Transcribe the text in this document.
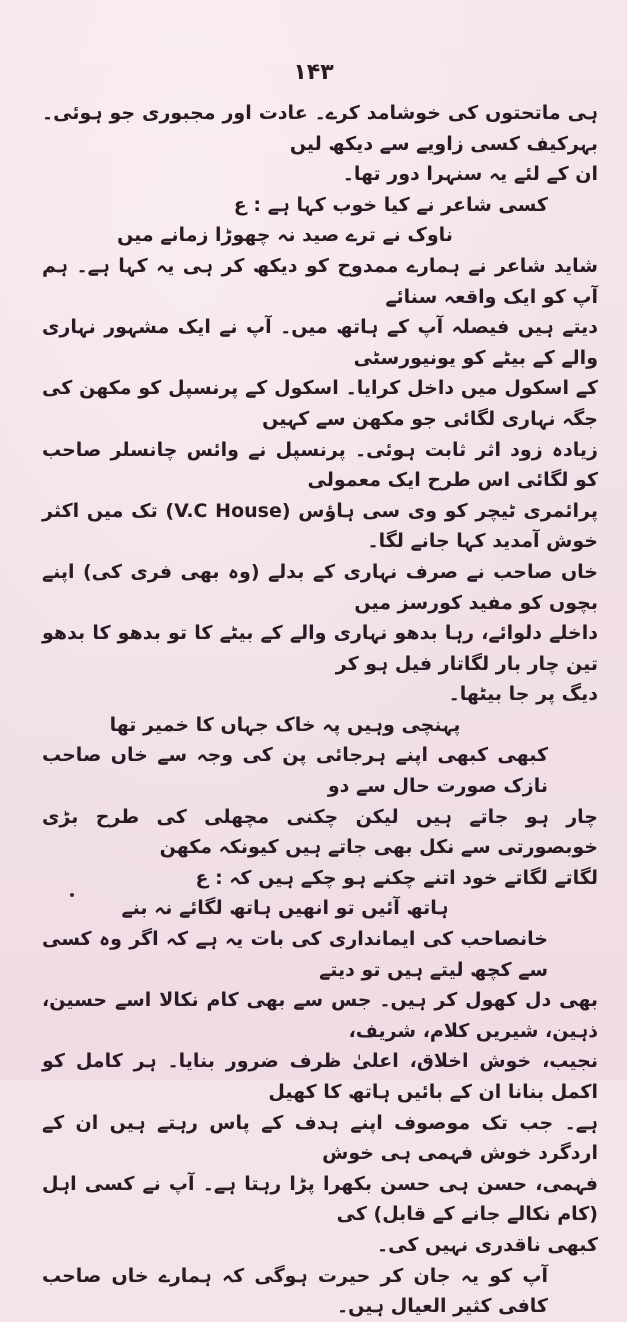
۱۴۳

ہی ماتحتوں کی خوشامد کرے۔ عادت اور مجبوری جو ہوئی۔ بہرکیف کسی زاویے سے دیکھ لیں

ان کے لئے یہ سنہرا دور تھا۔

کسی شاعر نے کیا خوب کہا ہے : ع

ناوک نے ترے صید نہ چھوڑا زمانے میں

شاید شاعر نے ہمارے ممدوح کو دیکھ کر ہی یہ کہا ہے۔ ہم آپ کو ایک واقعہ سنائے

دیتے ہیں فیصلہ آپ کے ہاتھ میں۔ آپ نے ایک مشہور نہاری والے کے بیٹے کو یونیورسٹی

کے اسکول میں داخل کرایا۔ اسکول کے پرنسپل کو مکھن کی جگہ نہاری لگائی جو مکھن سے کہیں

زیادہ زود اثر ثابت ہوئی۔ پرنسپل نے وائس چانسلر صاحب کو لگائی اس طرح ایک معمولی

پرائمری ٹیچر کو وی سی ہاؤس (V.C House) تک میں اکثر خوش آمدید کہا جانے لگا۔

خاں صاحب نے صرف نہاری کے بدلے (وہ بھی فری کی) اپنے بچوں کو مفید کورسز میں

داخلے دلوائے، رہا بدھو نہاری والے کے بیٹے کا تو بدھو کا بدھو تین چار بار لگاتار فیل ہو کر

دیگ پر جا بیٹھا۔

پہنچی وہیں پہ خاک جہاں کا خمیر تھا

کبھی کبھی اپنے ہرجائی پن کی وجہ سے خاں صاحب نازک صورت حال سے دو

چار ہو جاتے ہیں لیکن چکنی مچھلی کی طرح بڑی خوبصورتی سے نکل بھی جاتے ہیں کیونکہ مکھن

لگاتے لگاتے خود اتنے چکنے ہو چکے ہیں کہ : ع

ہاتھ آئیں تو انھیں ہاتھ لگائے نہ بنے

خانصاحب کی ایمانداری کی بات یہ ہے کہ اگر وہ کسی سے کچھ لیتے ہیں تو دیتے

بھی دل کھول کر ہیں۔ جس سے بھی کام نکالا اسے حسین، ذہین، شیریں کلام، شریف،

نجیب، خوش اخلاق، اعلیٰ ظرف ضرور بنایا۔ ہر کامل کو اکمل بنانا ان کے بائیں ہاتھ کا کھیل

ہے۔ جب تک موصوف اپنے ہدف کے پاس رہتے ہیں ان کے اردگرد خوش فہمی ہی خوش

فہمی، حسن ہی حسن بکھرا پڑا رہتا ہے۔ آپ نے کسی اہل (کام نکالے جانے کے قابل) کی

کبھی ناقدری نہیں کی۔

آپ کو یہ جان کر حیرت ہوگی کہ ہمارے خاں صاحب کافی کثیر العیال ہیں۔
